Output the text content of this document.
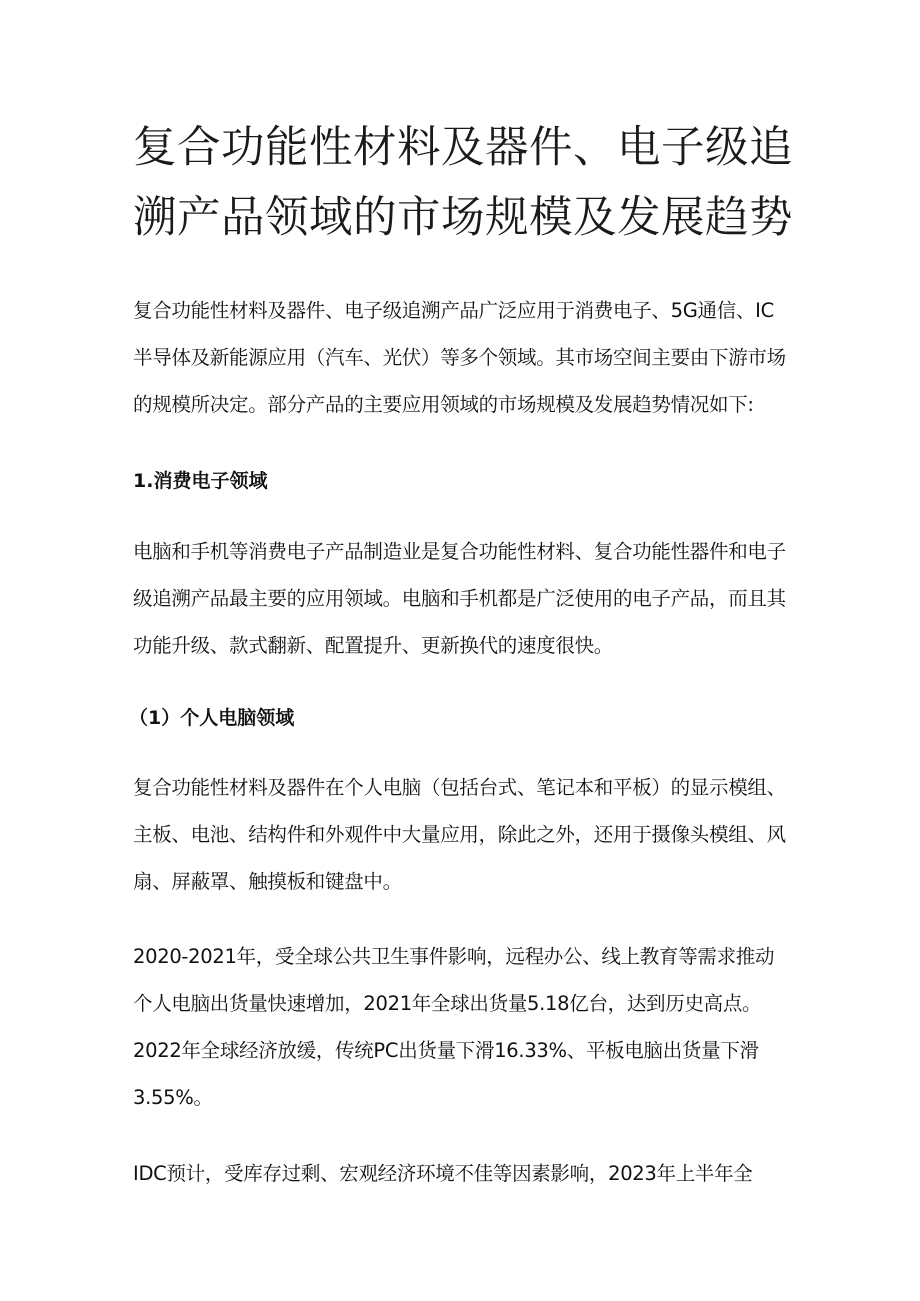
复合功能性材料及器件、电子级追溯产品领域的市场规模及发展趋势

复合功能性材料及器件、电子级追溯产品广泛应用于消费电子、5G通信、IC半导体及新能源应用（汽车、光伏）等多个领域。其市场空间主要由下游市场的规模所决定。部分产品的主要应用领域的市场规模及发展趋势情况如下:

1.消费电子领域

电脑和手机等消费电子产品制造业是复合功能性材料、复合功能性器件和电子级追溯产品最主要的应用领域。电脑和手机都是广泛使用的电子产品，而且其功能升级、款式翻新、配置提升、更新换代的速度很快。

（1）个人电脑领域

复合功能性材料及器件在个人电脑（包括台式、笔记本和平板）的显示模组、主板、电池、结构件和外观件中大量应用，除此之外，还用于摄像头模组、风扇、屏蔽罩、触摸板和键盘中。

2020-2021年，受全球公共卫生事件影响，远程办公、线上教育等需求推动个人电脑出货量快速增加，2021年全球出货量5.18亿台，达到历史高点。2022年全球经济放缓，传统PC出货量下滑16.33%、平板电脑出货量下滑3.55%。

IDC预计，受库存过剩、宏观经济环境不佳等因素影响，2023年上半年全
